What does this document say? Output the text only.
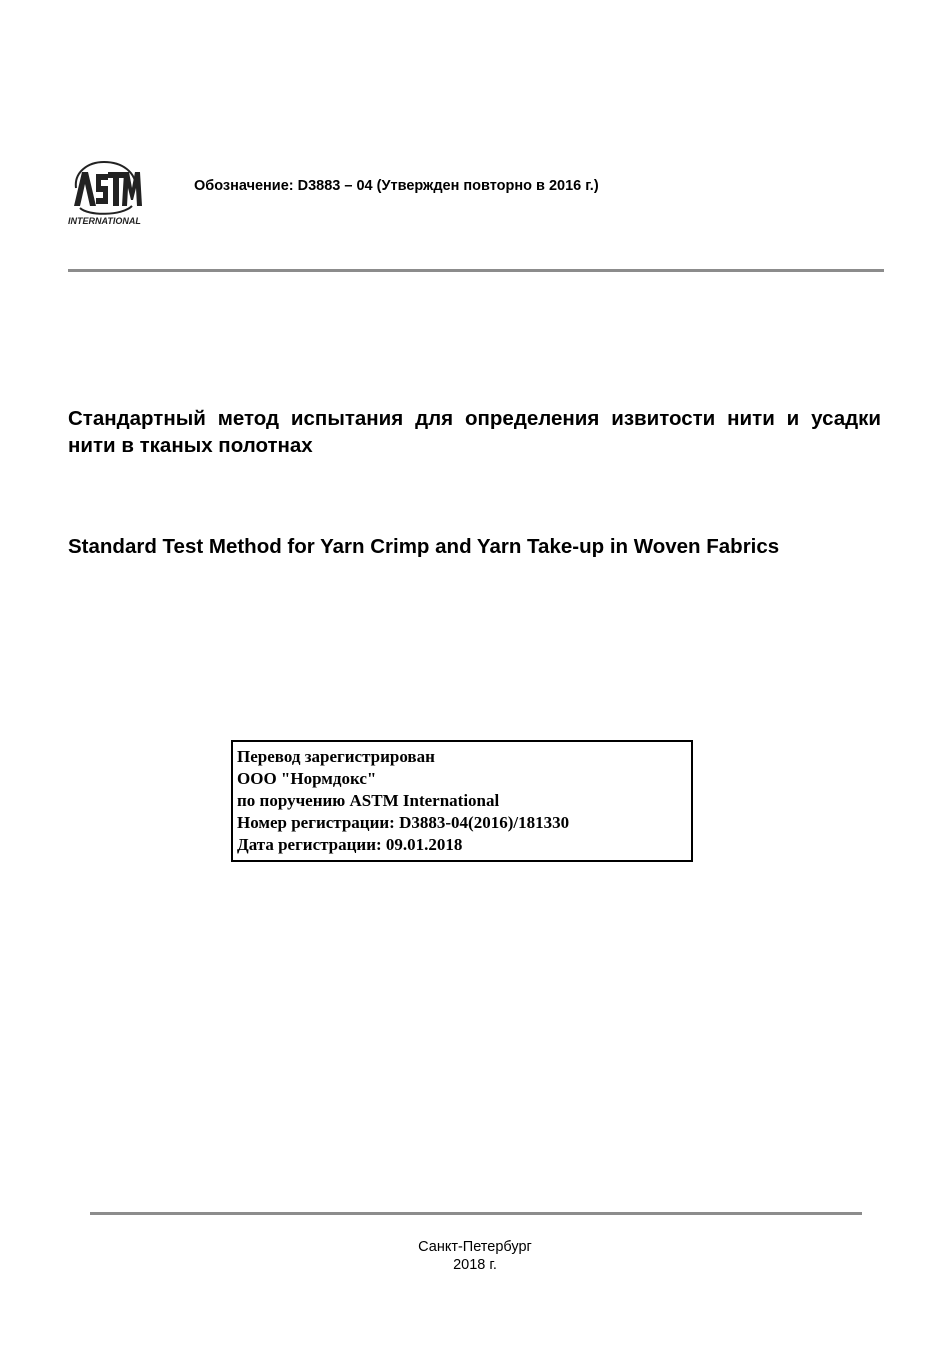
INTERNATIONAL
Обозначение: D3883 – 04 (Утвержден повторно в 2016 г.)
Стандартный метод испытания для определения извитости нити и усадки нити в тканых полотнах
Standard Test Method for Yarn Crimp and Yarn Take-up in Woven Fabrics
Перевод зарегистрирован
ООО "Нормдокс"
по поручению ASTM International
Номер регистрации: D3883-04(2016)/181330
Дата регистрации: 09.01.2018
Санкт-Петербург
2018 г.
